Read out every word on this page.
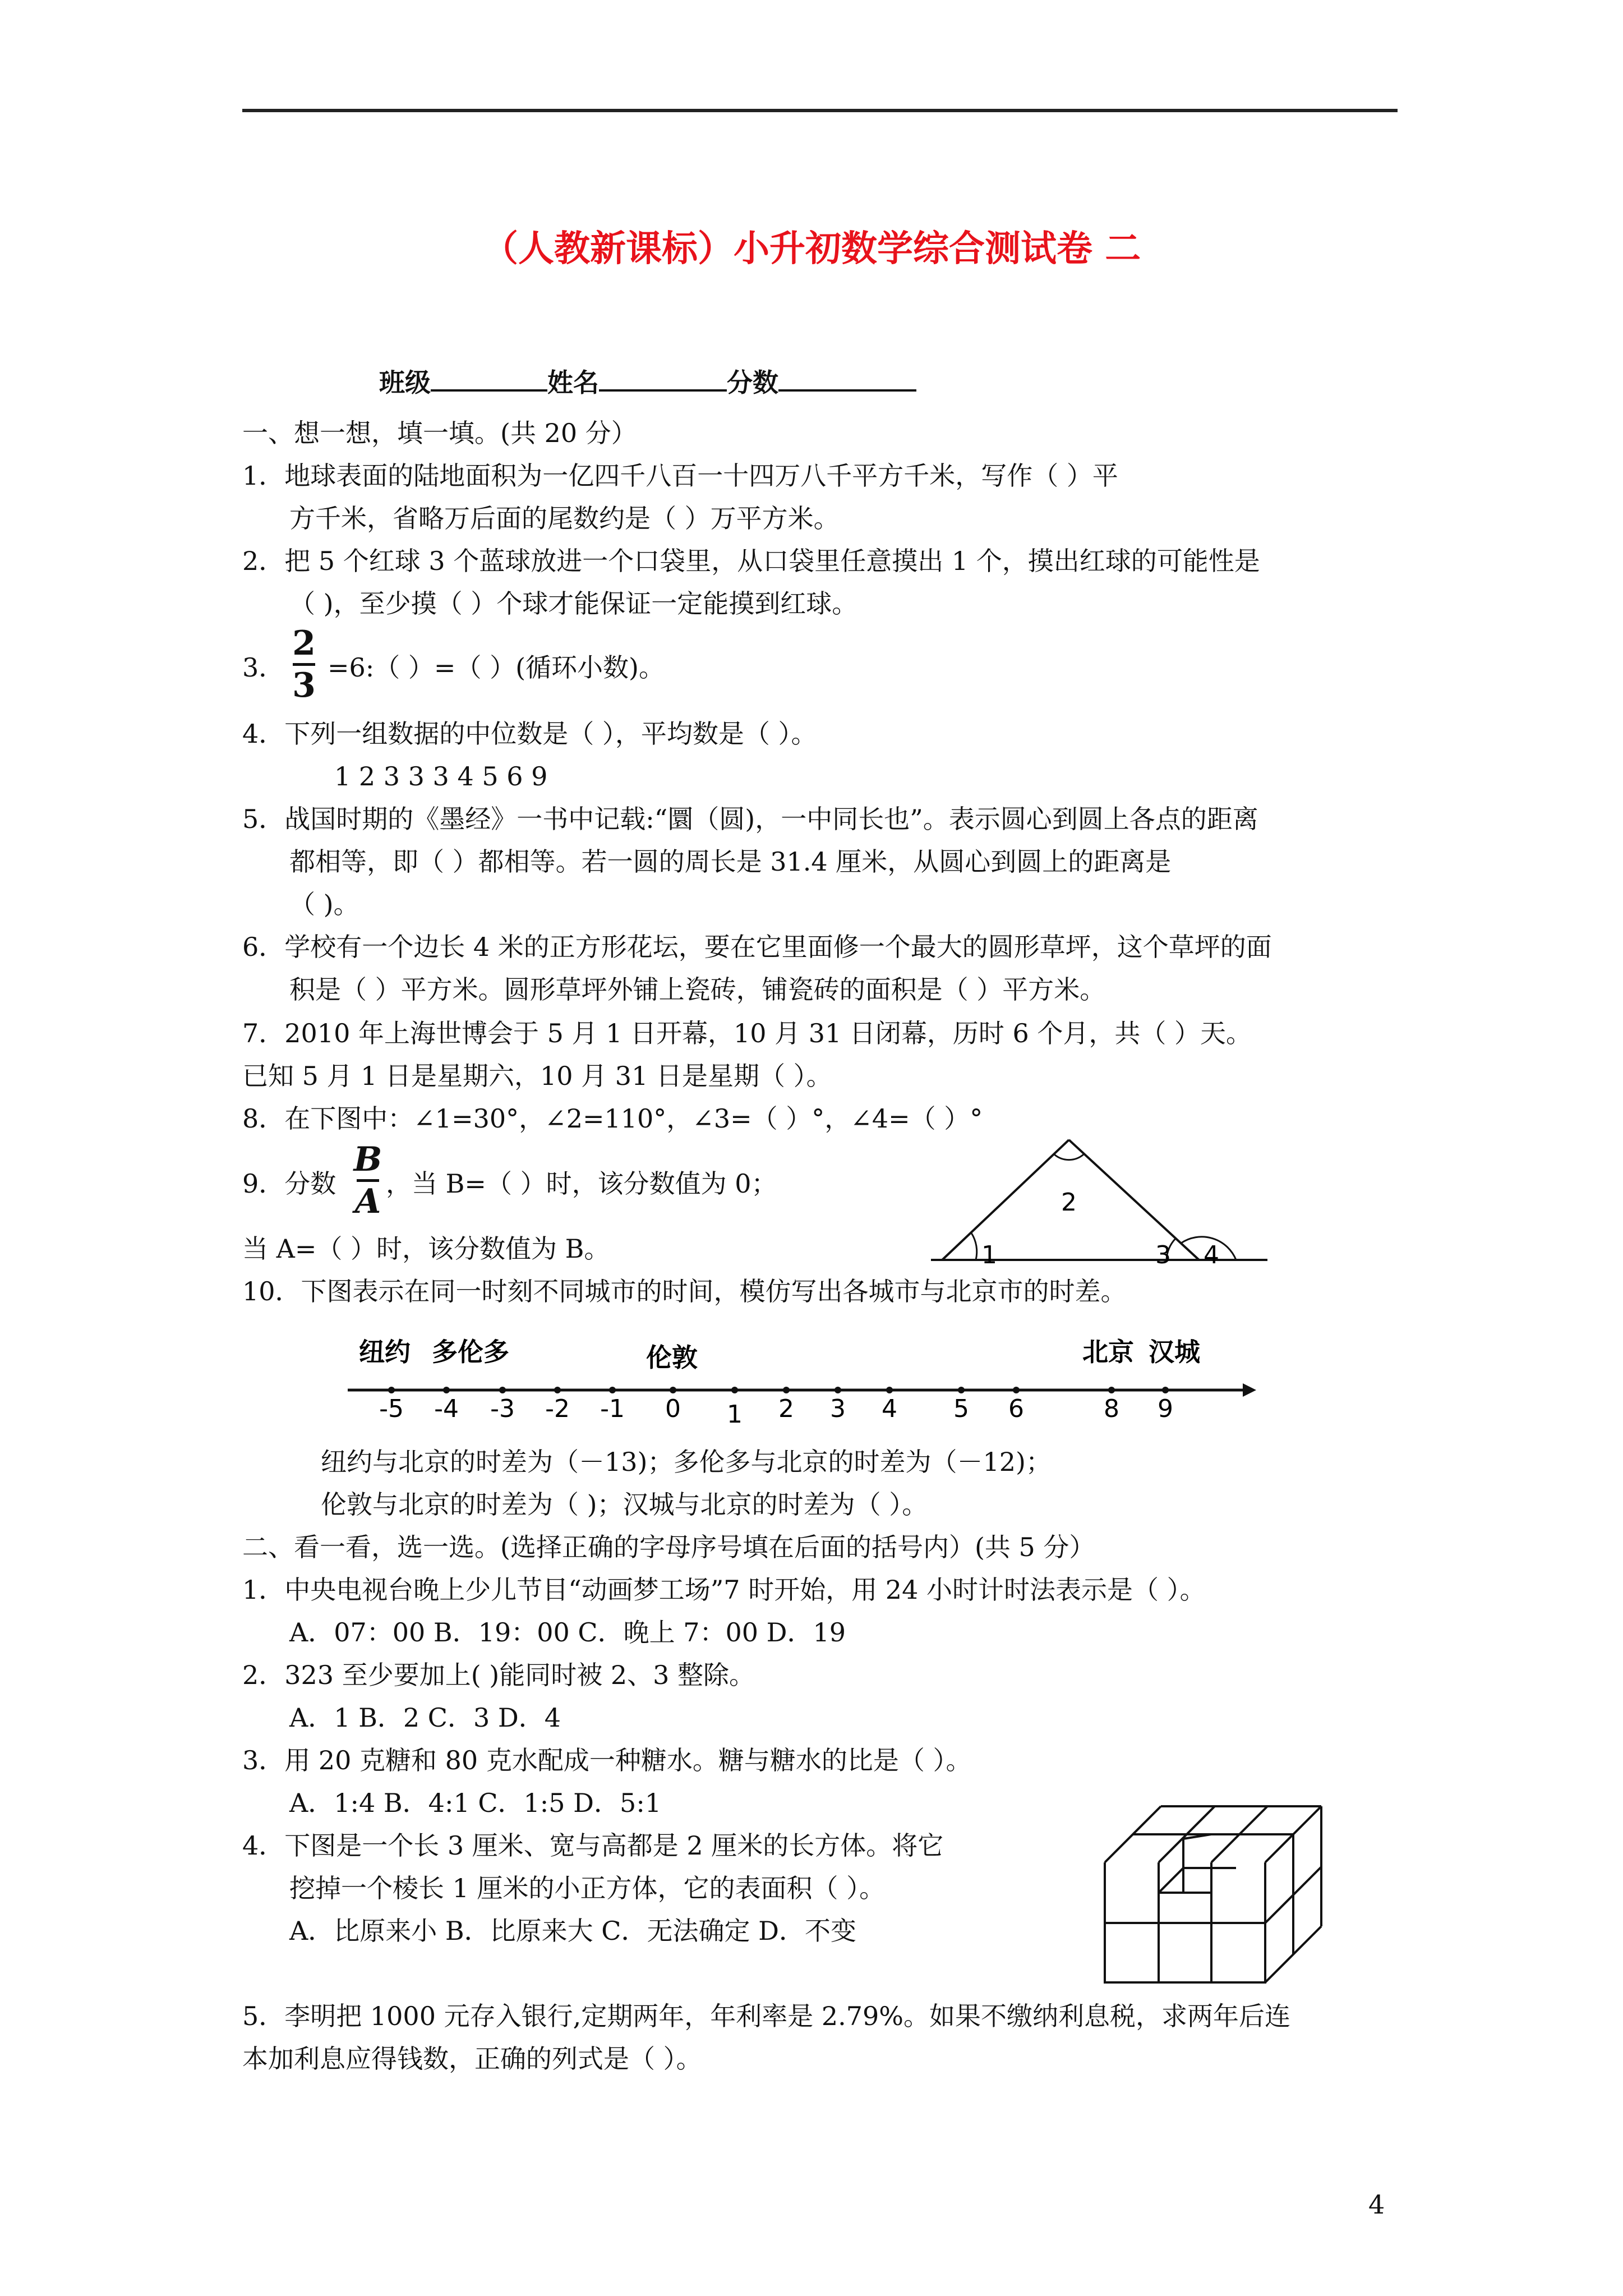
（人教新课标）小升初数学综合测试卷 二
班级	姓名	分数
一、想一想，填一填。(共 20 分）
1．地球表面的陆地面积为一亿四千八百一十四万八千平方千米，写作（ ）平
方千米，省略万后面的尾数约是（ ）万平方米。
2．把 5 个红球 3 个蓝球放进一个口袋里，从口袋里任意摸出 1 个，摸出红球的可能性是
（ )，至少摸（ ）个球才能保证一定能摸到红球。
3．
2
3 =6:（ ）=（ ）(循环小数)。
4．下列一组数据的中位数是（ ），平均数是（ ）。
1 2 3 3 3 4 5 6 9
5．战国时期的《墨经》一书中记载:“圜（圆)，一中同长也”。表示圆心到圆上各点的距离
都相等，即（ ）都相等。若一圆的周长是 31.4 厘米，从圆心到圆上的距离是
（ )。
6．学校有一个边长 4 米的正方形花坛，要在它里面修一个最大的圆形草坪，这个草坪的面
积是（ ）平方米。圆形草坪外铺上瓷砖，铺瓷砖的面积是（ ）平方米。
7．2010 年上海世博会于 5 月 1 日开幕，10 月 31 日闭幕，历时 6 个月，共（ ）天。
已知 5 月 1 日是星期六，10 月 31 日是星期（ ）。
8．在下图中：∠1=30°，∠2=110°，∠3=（ ）°，∠4=（ ）°
9．分数
B
A ，当 B=（ ）时，该分数值为 0；
当 A=（ ）时，该分数值为 B。	1
2
3 4
10．下图表示在同一时刻不同城市的时间，模仿写出各城市与北京市的时差。
-5 -4 -3 -2 -1 0 1 2 3 4 5 6	8 9
纽约 多伦多	伦敦	北京 汉城
纽约与北京的时差为（－13)；多伦多与北京的时差为（－12)；
伦敦与北京的时差为（ )；汉城与北京的时差为（ ）。
二、看一看，选一选。(选择正确的字母序号填在后面的括号内）(共 5 分）
1．中央电视台晚上少儿节目“动画梦工场”7 时开始，用 24 小时计时法表示是（ ）。
A．07：00 B．19：00 C．晚上 7：00 D．19
2．323 至少要加上( )能同时被 2、3 整除。
A．1 B．2 C．3 D．4
3．用 20 克糖和 80 克水配成一种糖水。糖与糖水的比是（ ）。
A．1:4 B．4:1 C．1:5 D．5:1
4．下图是一个长 3 厘米、宽与高都是 2 厘米的长方体。将它
挖掉一个棱长 1 厘米的小正方体，它的表面积（ ）。
A．比原来小 B．比原来大 C．无法确定 D．不变
5．李明把 1000 元存入银行,定期两年，年利率是 2.79%。如果不缴纳利息税，求两年后连
本加利息应得钱数，正确的列式是（ ）。
4
